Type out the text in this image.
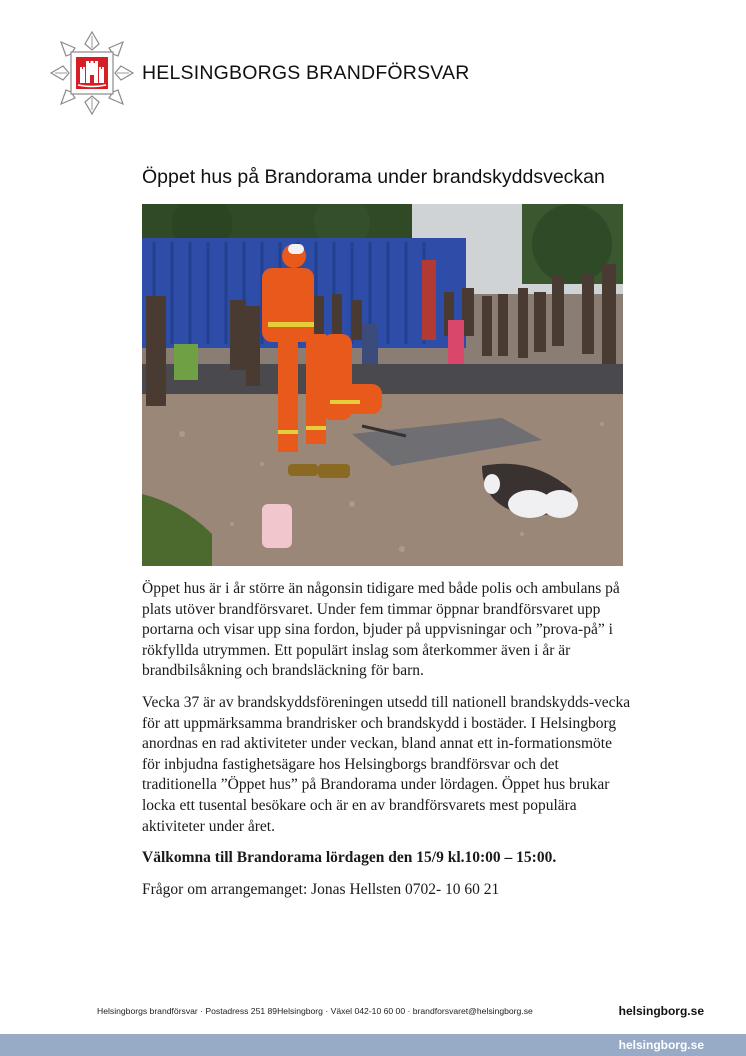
HELSINGBORGS BRANDFÖRSVAR
Öppet hus på Brandorama under brandskyddsveckan

Öppet hus är i år större än någonsin tidigare med både polis och ambulans på plats utöver brandförsvaret. Under fem timmar öppnar brandförsvaret upp portarna och visar upp sina fordon, bjuder på uppvisningar och ”prova-på” i rökfyllda utrymmen. Ett populärt inslag som återkommer även i år är brandbilsåkning och brandsläckning för barn.

Vecka 37 är av brandskyddsföreningen utsedd till nationell brandskydds-vecka för att uppmärksamma brandrisker och brandskydd i bostäder. I Helsingborg anordnas en rad aktiviteter under veckan, bland annat ett in-formationsmöte för inbjudna fastighetsägare hos Helsingborgs brandförsvar och det traditionella ”Öppet hus” på Brandorama under lördagen. Öppet hus brukar locka ett tusental besökare och är en av brandförsvarets mest populära aktiviteter under året.

Välkomna till Brandorama lördagen den 15/9 kl.10:00 – 15:00.

Frågor om arrangemanget: Jonas Hellsten 0702- 10 60 21

Helsingborgs brandförsvar · Postadress 251 89Helsingborg · Växel 042-10 60 00 · brandforsvaret@helsingborg.se	helsingborg.se
helsingborg.se
